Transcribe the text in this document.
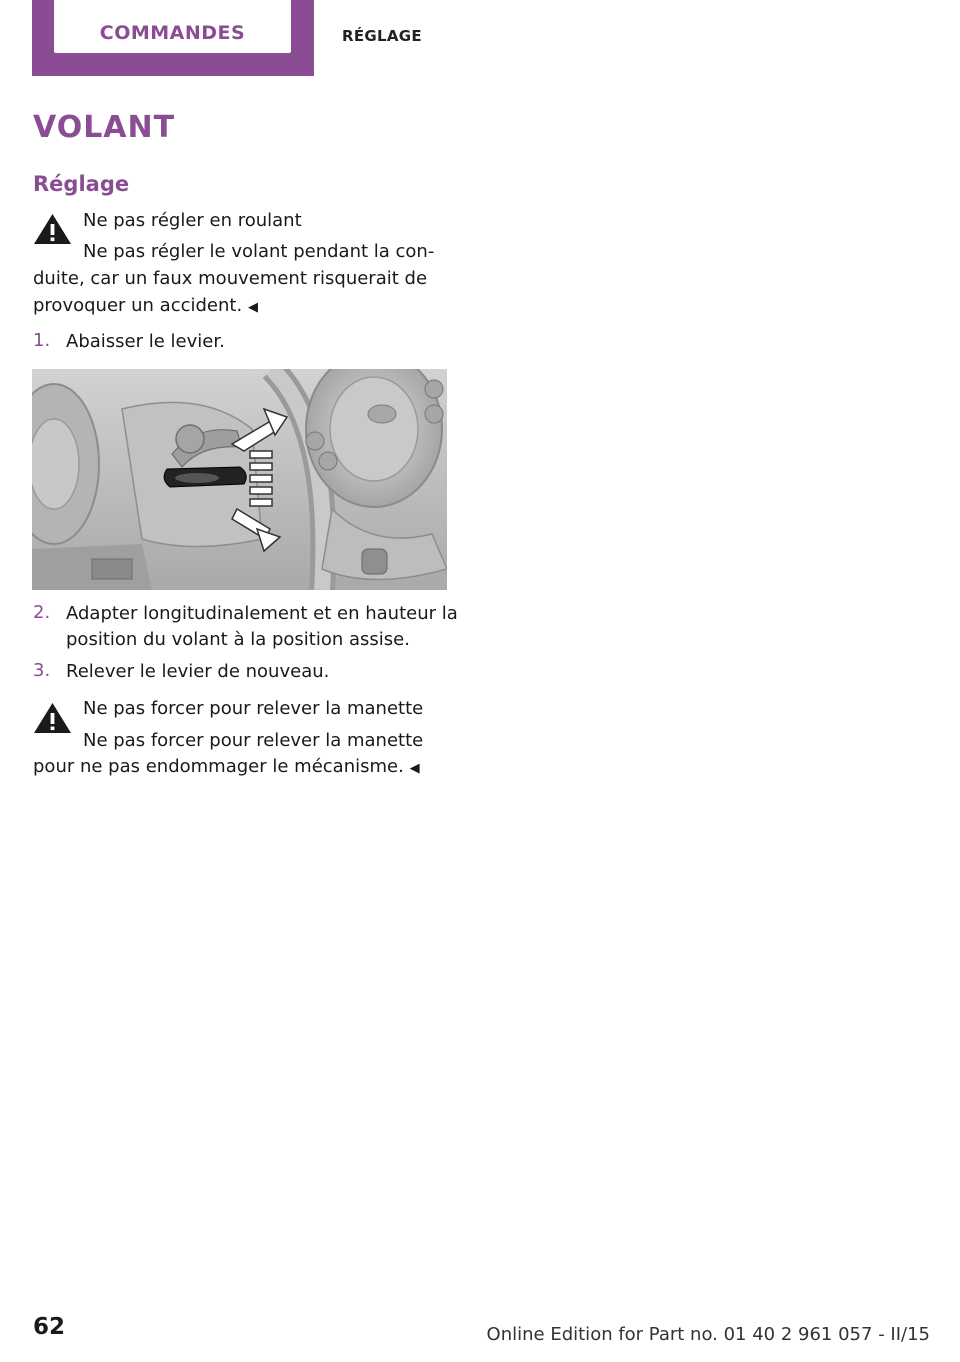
COMMANDES	RÉGLAGE
VOLANT
Réglage
Ne pas régler en roulant
Ne pas régler le volant pendant la con‐
duite, car un faux mouvement risquerait de
provoquer un accident. ◀
1. Abaisser le levier.
2. Adapter longitudinalement et en hauteur la
position du volant à la position assise.
3. Relever le levier de nouveau.
Ne pas forcer pour relever la manette
Ne pas forcer pour relever la manette
pour ne pas endommager le mécanisme. ◀
62	Online Edition for Part no. 01 40 2 961 057 - II/15
